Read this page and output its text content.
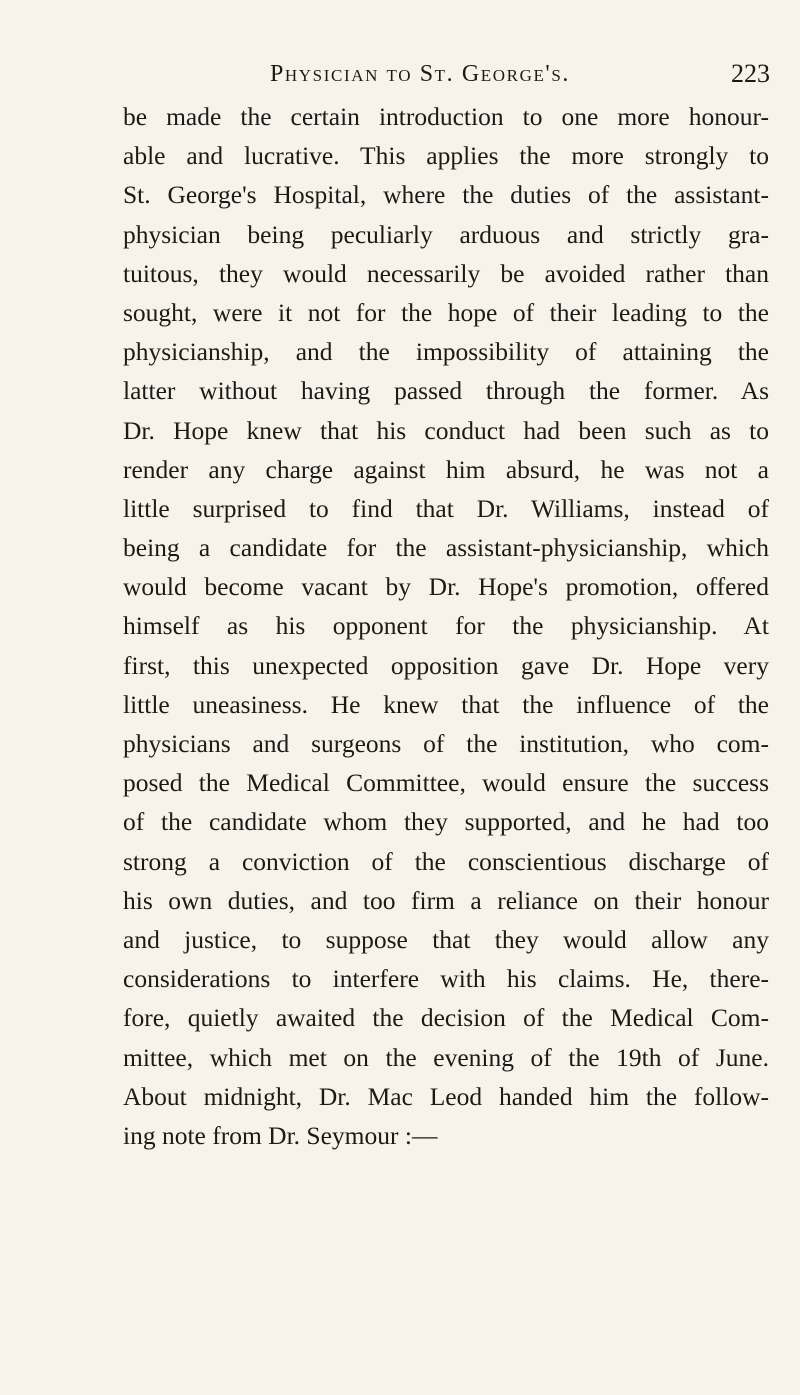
Physician to St. George's.	223
be made the certain introduction to one more honour-
able and lucrative. This applies the more strongly to
St. George's Hospital, where the duties of the assistant-
physician being peculiarly arduous and strictly gra-
tuitous, they would necessarily be avoided rather than
sought, were it not for the hope of their leading to the
physicianship, and the impossibility of attaining the
latter without having passed through the former. As
Dr. Hope knew that his conduct had been such as to
render any charge against him absurd, he was not a
little surprised to find that Dr. Williams, instead of
being a candidate for the assistant-physicianship, which
would become vacant by Dr. Hope's promotion, offered
himself as his opponent for the physicianship. At
first, this unexpected opposition gave Dr. Hope very
little uneasiness. He knew that the influence of the
physicians and surgeons of the institution, who com-
posed the Medical Committee, would ensure the success
of the candidate whom they supported, and he had too
strong a conviction of the conscientious discharge of
his own duties, and too firm a reliance on their honour
and justice, to suppose that they would allow any
considerations to interfere with his claims. He, there-
fore, quietly awaited the decision of the Medical Com-
mittee, which met on the evening of the 19th of June.
About midnight, Dr. Mac Leod handed him the follow-
ing note from Dr. Seymour :—
